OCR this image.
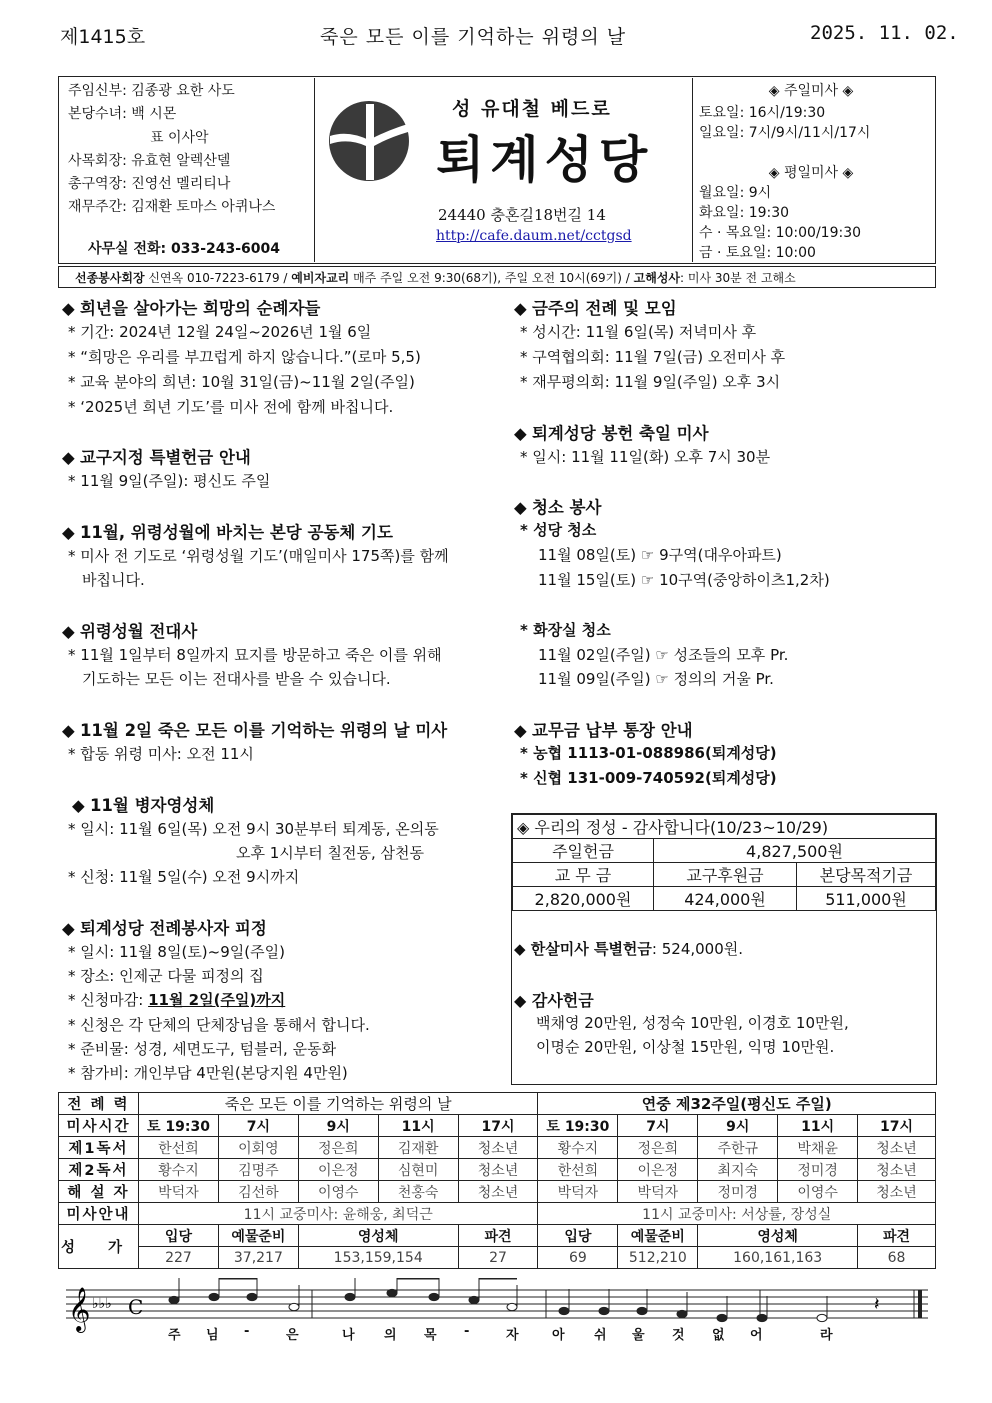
제1415호	죽은 모든 이를 기억하는 위령의 날	2025. 11. 02.
주임신부: 김종광 요한 사도
본당수녀: 백 시몬
표 이사악
사목회장: 유효현 알렉산델
총구역장: 진영선 멜리티나
재무주간: 김재환 토마스 아퀴나스
사무실 전화: 033-243-6004
성 유대철 베드로
퇴계성당
24440 충혼길18번길 14
http://cafe.daum.net/cctgsd
◈ 주일미사 ◈
토요일: 16시/19:30
일요일: 7시/9시/11시/17시
◈ 평일미사 ◈
월요일: 9시
화요일: 19:30
수 · 목요일: 10:00/19:30
금 · 토요일: 10:00
선종봉사회장 신연옥 010-7223-6179 / 예비자교리 매주 주일 오전 9:30(68기), 주일 오전 10시(69기) / 고해성사: 미사 30분 전 고해소
◆ 희년을 살아가는 희망의 순례자들
* 기간: 2024년 12월 24일~2026년 1월 6일
* “희망은 우리를 부끄럽게 하지 않습니다.”(로마 5,5)
* 교육 분야의 희년: 10월 31일(금)~11월 2일(주일)
* ‘2025년 희년 기도’를 미사 전에 함께 바칩니다.
◆ 교구지정 특별헌금 안내
* 11월 9일(주일): 평신도 주일
◆ 11월, 위령성월에 바치는 본당 공동체 기도
* 미사 전 기도로 ‘위령성월 기도’(매일미사 175쪽)를 함께
바칩니다.
◆ 위령성월 전대사
* 11월 1일부터 8일까지 묘지를 방문하고 죽은 이를 위해
기도하는 모든 이는 전대사를 받을 수 있습니다.
◆ 11월 2일 죽은 모든 이를 기억하는 위령의 날 미사
* 합동 위령 미사: 오전 11시
◆ 11월 병자영성체
* 일시: 11월 6일(목) 오전 9시 30분부터 퇴계동, 온의동
오후 1시부터 칠전동, 삼천동
* 신청: 11월 5일(수) 오전 9시까지
◆ 퇴계성당 전례봉사자 피정
* 일시: 11월 8일(토)~9일(주일)
* 장소: 인제군 다물 피정의 집
* 신청마감: 11월 2일(주일)까지
* 신청은 각 단체의 단체장님을 통해서 합니다.
* 준비물: 성경, 세면도구, 텀블러, 운동화
* 참가비: 개인부담 4만원(본당지원 4만원)
◆ 금주의 전례 및 모임
* 성시간: 11월 6일(목) 저녁미사 후
* 구역협의회: 11월 7일(금) 오전미사 후
* 재무평의회: 11월 9일(주일) 오후 3시
◆ 퇴계성당 봉헌 축일 미사
* 일시: 11월 11일(화) 오후 7시 30분
◆ 청소 봉사
* 성당 청소
11월 08일(토) ☞ 9구역(대우아파트)
11월 15일(토) ☞ 10구역(중앙하이츠1,2차)
* 화장실 청소
11월 02일(주일) ☞ 성조들의 모후 Pr.
11월 09일(주일) ☞ 정의의 거울 Pr.
◆ 교무금 납부 통장 안내
* 농협 1113-01-088986(퇴계성당)
* 신협 131-009-740592(퇴계성당)
◈ 우리의 정성 - 감사합니다(10/23~10/29)		
주일헌금	4,827,500원	
교 무 금	교구후원금	본당목적기금
2,820,000원	424,000원	511,000원
◆ 한살미사 특별헌금: 524,000원.
◆ 감사헌금
백채영 20만원, 성정숙 10만원, 이경호 10만원,
이명순 20만원, 이상철 15만원, 익명 10만원.
전 례 력	죽은 모든 이를 기억하는 위령의 날					연중 제32주일(평신도 주일)				
미사시간	토 19:30	7시	9시	11시	17시	토 19:30	7시	9시	11시	17시
제1독서	한선희	이회영	정은희	김재환	청소년	황수지	정은희	주한규	박채윤	청소년
제2독서	황수지	김명주	이은정	심현미	청소년	한선희	이은정	최지숙	정미경	청소년
해 설 자	박덕자	김선하	이영수	천홍숙	청소년	박덕자	박덕자	정미경	이영수	청소년
미사안내	11시 교중미사: 윤해웅, 최덕근					11시 교중미사: 서상률, 장성실				
성 가	입당	예물준비	영성체		파견	입당	예물준비	영성체		파견
	227	37,217	153,159,154		27	69	512,210	160,161,163		68
𝄞 ♭♭♭ C	𝄽
주 님 -	은	나 의 목 -	자	아 쉬 울 것 없 어	라
